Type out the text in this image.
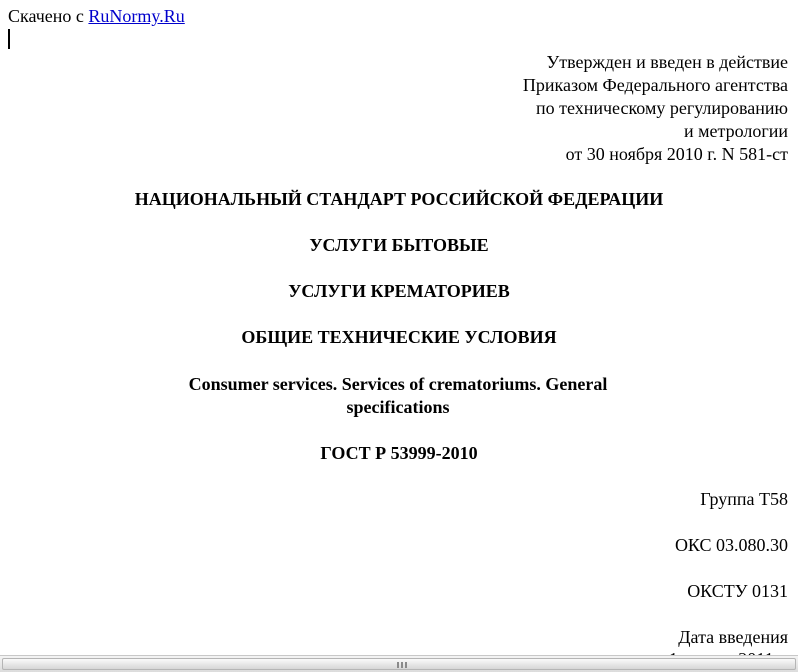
Скачено с RuNormy.Ru
Утвержден и введен в действие
Приказом Федерального агентства
по техническому регулированию
и метрологии
от 30 ноября 2010 г. N 581-ст
НАЦИОНАЛЬНЫЙ СТАНДАРТ РОССИЙСКОЙ ФЕДЕРАЦИИ
УСЛУГИ БЫТОВЫЕ
УСЛУГИ КРЕМАТОРИЕВ
ОБЩИЕ ТЕХНИЧЕСКИЕ УСЛОВИЯ
Consumer services. Services of crematoriums. General specifications
ГОСТ Р 53999-2010
Группа Т58
ОКС 03.080.30
ОКСТУ 0131
Дата введения
